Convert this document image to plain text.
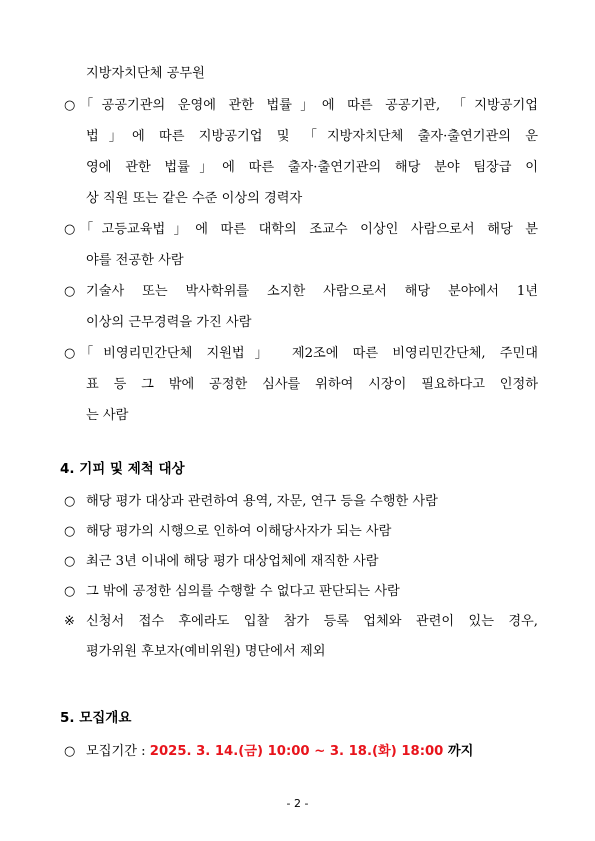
지방자치단체 공무원
○ 「공공기관의 운영에 관한 법률」에 따른 공공기관, 「지방공기업
법」에 따른 지방공기업 및 「지방자치단체 출자·출연기관의 운
영에 관한 법률」에 따른 출자·출연기관의 해당 분야 팀장급 이
상 직원 또는 같은 수준 이상의 경력자
○ 「고등교육법」에 따른 대학의 조교수 이상인 사람으로서 해당 분
야를 전공한 사람
○ 기술사 또는 박사학위를 소지한 사람으로서 해당 분야에서 1년
이상의 근무경력을 가진 사람
○ 「비영리민간단체 지원법」 제2조에 따른 비영리민간단체, 주민대
표 등 그 밖에 공정한 심사를 위하여 시장이 필요하다고 인정하
는 사람
4. 기피 및 제척 대상
○ 해당 평가 대상과 관련하여 용역, 자문, 연구 등을 수행한 사람
○ 해당 평가의 시행으로 인하여 이해당사자가 되는 사람
○ 최근 3년 이내에 해당 평가 대상업체에 재직한 사람
○ 그 밖에 공정한 심의를 수행할 수 없다고 판단되는 사람
※ 신청서 접수 후에라도 입찰 참가 등록 업체와 관련이 있는 경우,
평가위원 후보자(예비위원) 명단에서 제외
5. 모집개요
○ 모집기간 : 2025. 3. 14.(금) 10:00 ~ 3. 18.(화) 18:00 까지
- 2 -
